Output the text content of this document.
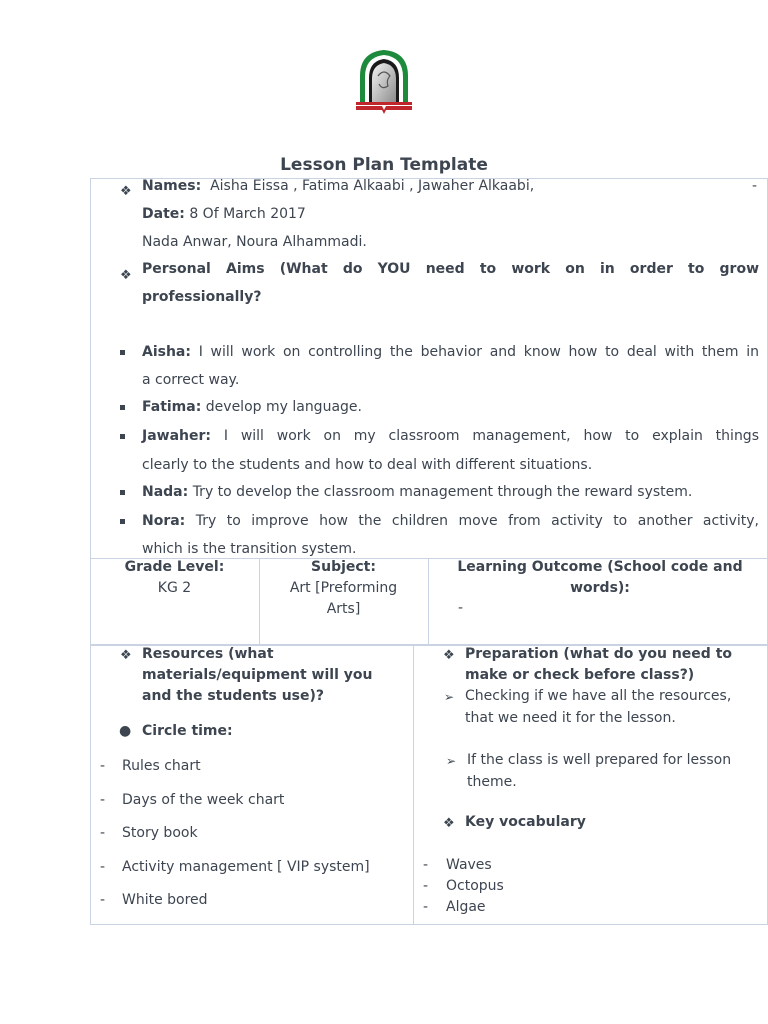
Lesson Plan Template
❖ Names: Aisha Eissa , Fatima Alkaabi , Jawaher Alkaabi,	-
Date: 8 Of March 2017
Nada Anwar, Noura Alhammadi.
❖ Personal Aims (What do YOU need to work on in order to grow
professionally?
Aisha: I will work on controlling the behavior and know how to deal with them in
a correct way.
Fatima: develop my language.
Jawaher: I will work on my classroom management, how to explain things
clearly to the students and how to deal with different situations.
Nada: Try to develop the classroom management through the reward system.
Nora: Try to improve how the children move from activity to another activity,
which is the transition system.
Grade Level:
KG 2
Subject:
Art [Preforming
Arts]
Learning Outcome (School code and
words):
-
❖ Resources (what
materials/equipment will you
and the students use)?
● Circle time:
- Rules chart
- Days of the week chart
- Story book
- Activity management [ VIP system]
- White bored
❖ Preparation (what do you need to
make or check before class?)
➢ Checking if we have all the resources,
that we need it for the lesson.
➢ If the class is well prepared for lesson
theme.
❖ Key vocabulary
- Waves
- Octopus
- Algae
